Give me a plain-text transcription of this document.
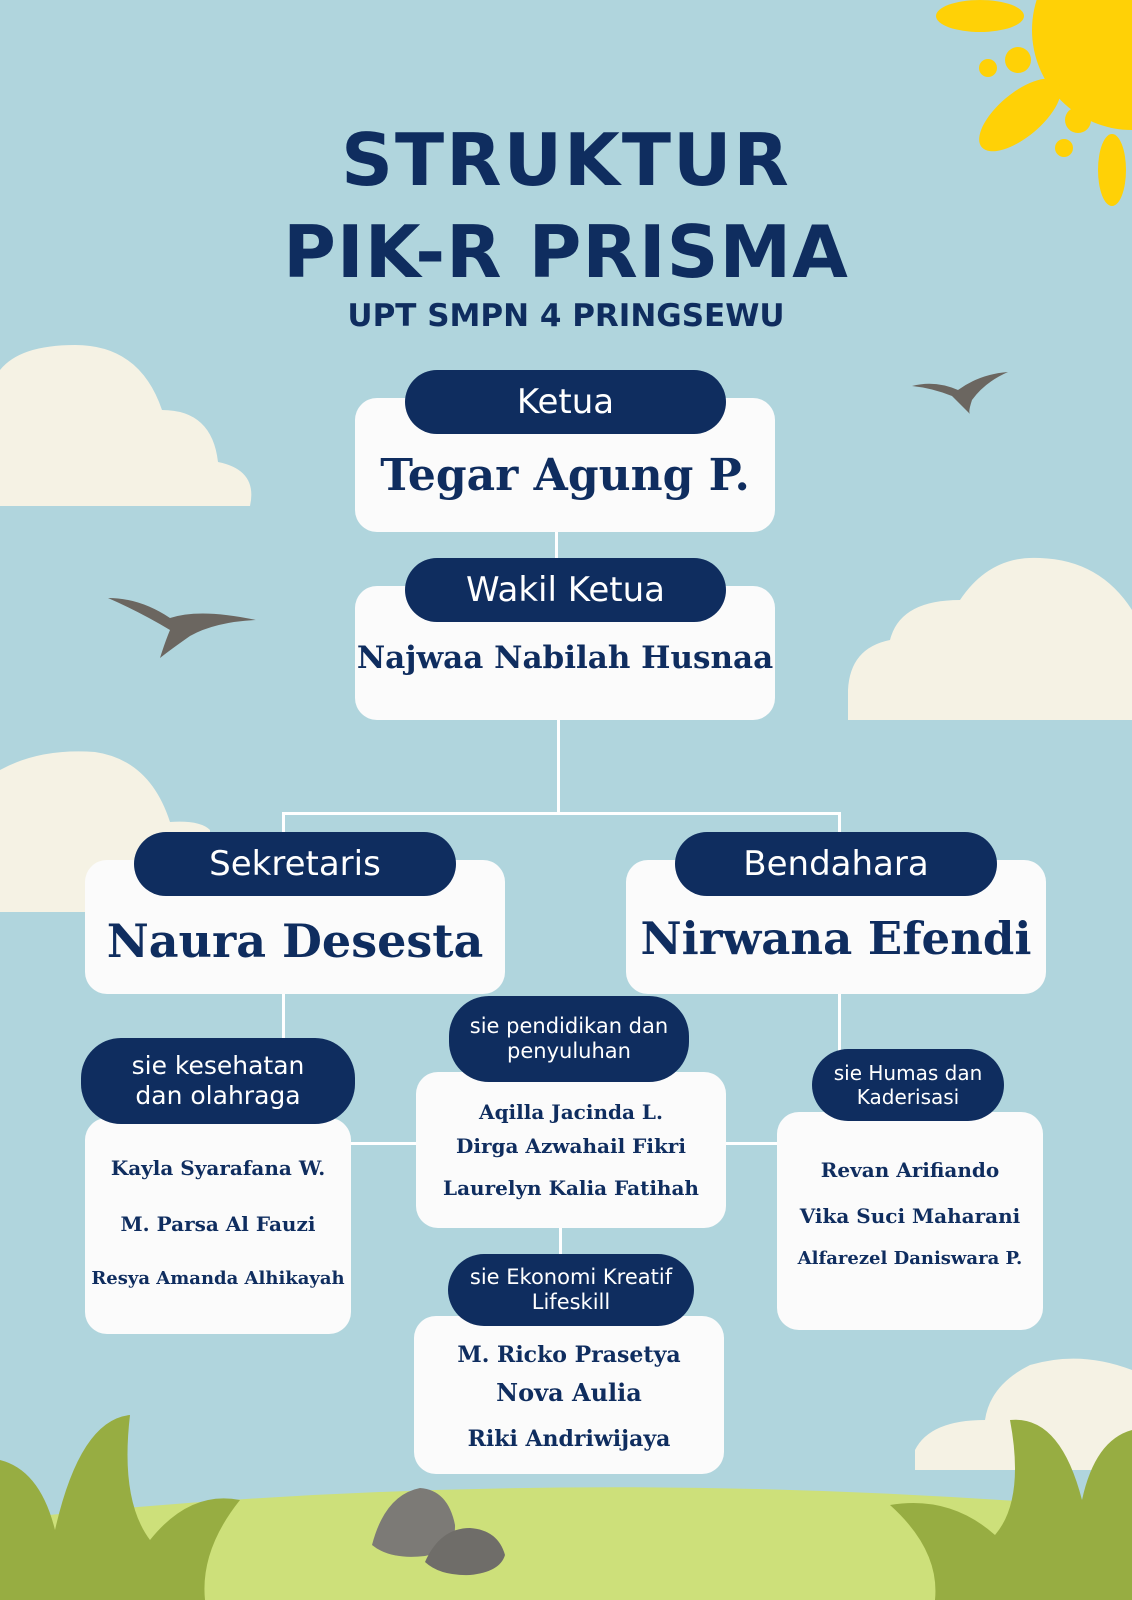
STRUKTUR
PIK-R PRISMA
UPT SMPN 4 PRINGSEWU
Tegar Agung P.
Ketua
Najwaa Nabilah Husnaa
Wakil Ketua
Naura Desesta
Sekretaris
Nirwana Efendi
Bendahara
Kayla Syarafana W.
M. Parsa Al Fauzi
Resya Amanda Alhikayah
sie kesehatan
dan olahraga
Aqilla Jacinda L.
Dirga Azwahail Fikri
Laurelyn Kalia Fatihah
sie pendidikan dan
penyuluhan
Revan Arifiando
Vika Suci Maharani
Alfarezel Daniswara P.
sie Humas dan
Kaderisasi
M. Ricko Prasetya
Nova Aulia
Riki Andriwijaya
sie Ekonomi Kreatif
Lifeskill
